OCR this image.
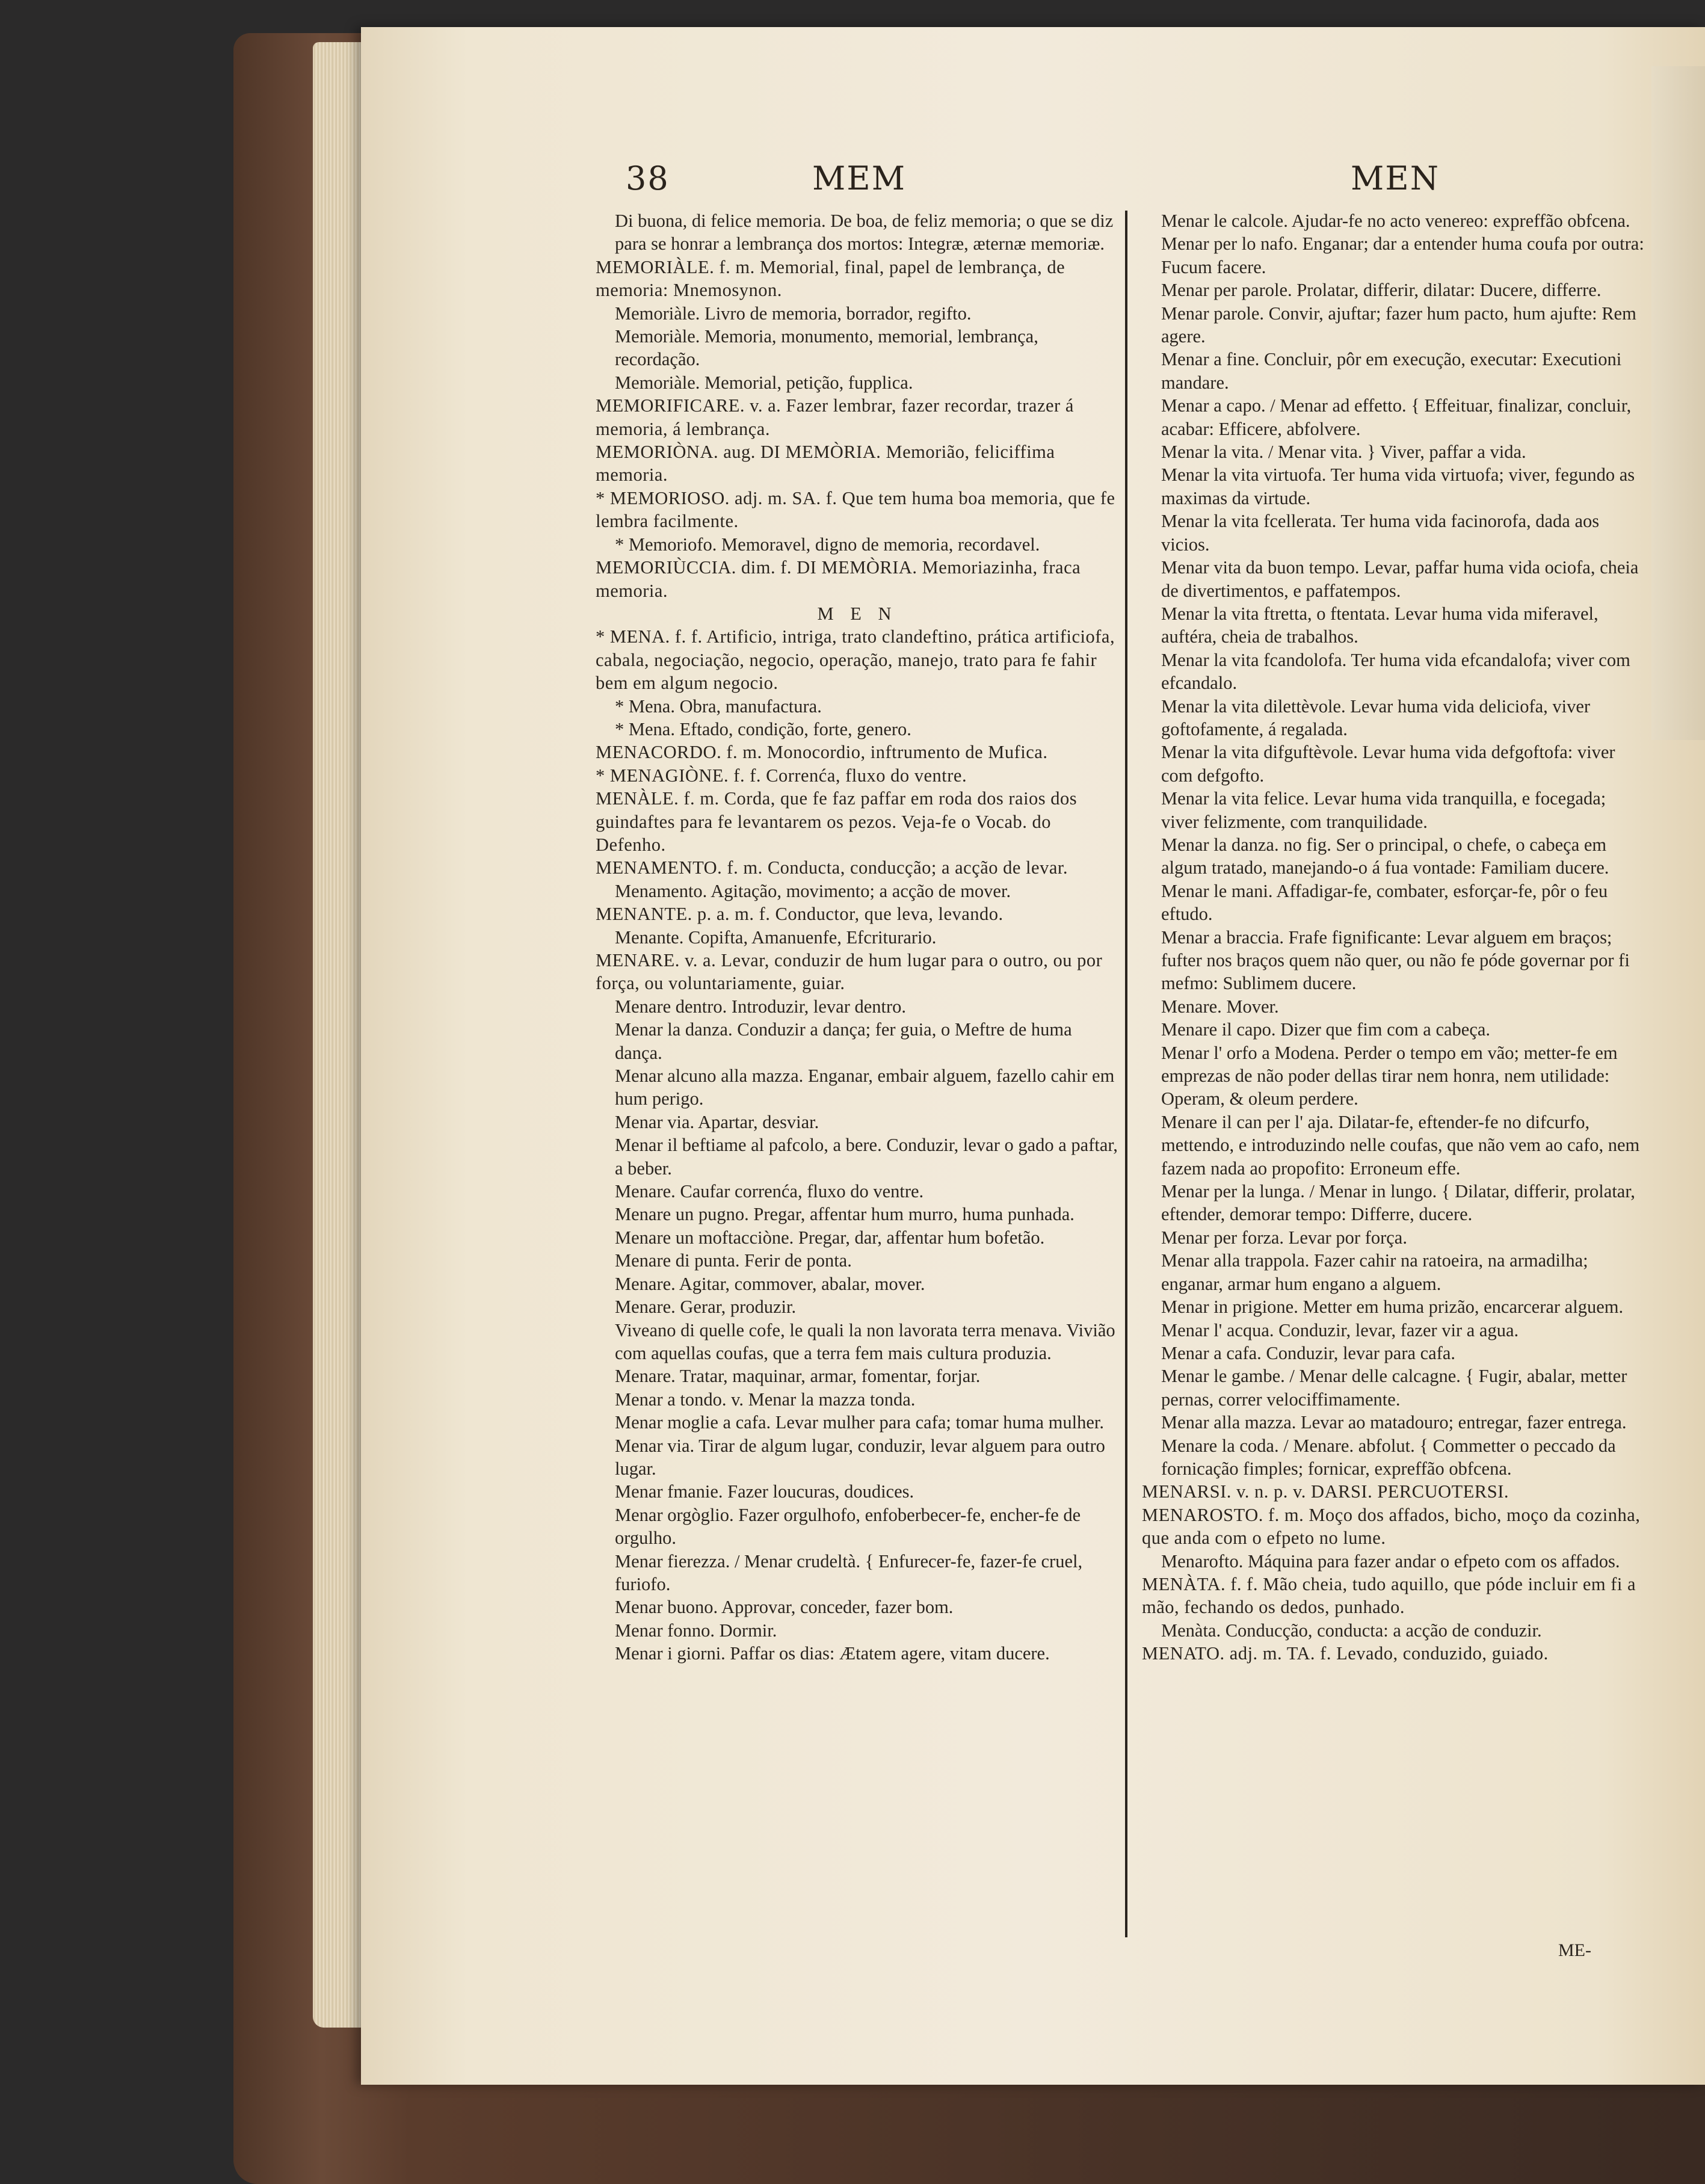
38	MEM	MEN

Di buona, di felice memoria. De boa, de feliz memoria; o que se diz para se honrar a lembrança dos mortos: Integræ, æternæ memoriæ.

MEMORIÀLE. f. m. Memorial, final, papel de lembrança, de memoria: Mnemosynon.

Memoriàle. Livro de memoria, borrador, regifto.

Memoriàle. Memoria, monumento, memorial, lembrança, recordação.

Memoriàle. Memorial, petição, fupplica.

MEMORIFICARE. v. a. Fazer lembrar, fazer recordar, trazer á memoria, á lembrança.

MEMORIÒNA. aug. DI MEMÒRIA. Memorião, feliciffima memoria.

* MEMORIOSO. adj. m. SA. f. Que tem huma boa memoria, que fe lembra facilmente.

* Memoriofo. Memoravel, digno de memoria, recordavel.

MEMORIÙCCIA. dim. f. DI MEMÒRIA. Memoriazinha, fraca memoria.

M E N

* MENA. f. f. Artificio, intriga, trato clandeftino, prática artificiofa, cabala, negociação, negocio, operação, manejo, trato para fe fahir bem em algum negocio.

* Mena. Obra, manufactura.

* Mena. Eftado, condição, forte, genero.

MENACORDO. f. m. Monocordio, inftrumento de Mufica.

* MENAGIÒNE. f. f. Correnća, fluxo do ventre.

MENÀLE. f. m. Corda, que fe faz paffar em roda dos raios dos guindaftes para fe levantarem os pezos. Veja-fe o Vocab. do Defenho.

MENAMENTO. f. m. Conducta, conducção; a acção de levar.

Menamento. Agitação, movimento; a acção de mover.

MENANTE. p. a. m. f. Conductor, que leva, levando.

Menante. Copifta, Amanuenfe, Efcriturario.

MENARE. v. a. Levar, conduzir de hum lugar para o outro, ou por força, ou voluntariamente, guiar.

Menare dentro. Introduzir, levar dentro.

Menar la danza. Conduzir a dança; fer guia, o Meftre de huma dança.

Menar alcuno alla mazza. Enganar, embair alguem, fazello cahir em hum perigo.

Menar via. Apartar, desviar.

Menar il beftiame al pafcolo, a bere. Conduzir, levar o gado a paftar, a beber.

Menare. Caufar correnća, fluxo do ventre.

Menare un pugno. Pregar, affentar hum murro, huma punhada.

Menare un moftacciòne. Pregar, dar, affentar hum bofetão.

Menare di punta. Ferir de ponta.

Menare. Agitar, commover, abalar, mover.

Menare. Gerar, produzir.

Viveano di quelle cofe, le quali la non lavorata terra menava. Vivião com aquellas coufas, que a terra fem mais cultura produzia.

Menare. Tratar, maquinar, armar, fomentar, forjar.

Menar a tondo. v. Menar la mazza tonda.

Menar moglie a cafa. Levar mulher para cafa; tomar huma mulher.

Menar via. Tirar de algum lugar, conduzir, levar alguem para outro lugar.

Menar fmanie. Fazer loucuras, doudices.

Menar orgòglio. Fazer orgulhofo, enfoberbecer-fe, encher-fe de orgulho.

Menar fierezza. / Menar crudeltà. { Enfurecer-fe, fazer-fe cruel, furiofo.

Menar buono. Approvar, conceder, fazer bom.

Menar fonno. Dormir.

Menar i giorni. Paffar os dias: Ætatem agere, vitam ducere.

Menar le calcole. Ajudar-fe no acto venereo: expreffão obfcena.

Menar per lo nafo. Enganar; dar a entender huma coufa por outra: Fucum facere.

Menar per parole. Prolatar, differir, dilatar: Ducere, differre.

Menar parole. Convir, ajuftar; fazer hum pacto, hum ajufte: Rem agere.

Menar a fine. Concluir, pôr em execução, executar: Executioni mandare.

Menar a capo. / Menar ad effetto. { Effeituar, finalizar, concluir, acabar: Efficere, abfolvere.

Menar la vita. / Menar vita. } Viver, paffar a vida.

Menar la vita virtuofa. Ter huma vida virtuofa; viver, fegundo as maximas da virtude.

Menar la vita fcellerata. Ter huma vida facinorofa, dada aos vicios.

Menar vita da buon tempo. Levar, paffar huma vida ociofa, cheia de divertimentos, e paffatempos.

Menar la vita ftretta, o ftentata. Levar huma vida miferavel, auftéra, cheia de trabalhos.

Menar la vita fcandolofa. Ter huma vida efcandalofa; viver com efcandalo.

Menar la vita dilettèvole. Levar huma vida deliciofa, viver goftofamente, á regalada.

Menar la vita difguftèvole. Levar huma vida defgoftofa: viver com defgofto.

Menar la vita felice. Levar huma vida tranquilla, e focegada; viver felizmente, com tranquilidade.

Menar la danza. no fig. Ser o principal, o chefe, o cabeça em algum tratado, manejando-o á fua vontade: Familiam ducere.

Menar le mani. Affadigar-fe, combater, esforçar-fe, pôr o feu eftudo.

Menar a braccia. Frafe fignificante: Levar alguem em braços; fufter nos braços quem não quer, ou não fe póde governar por fi mefmo: Sublimem ducere.

Menare. Mover.

Menare il capo. Dizer que fim com a cabeça.

Menar l' orfo a Modena. Perder o tempo em vão; metter-fe em emprezas de não poder dellas tirar nem honra, nem utilidade: Operam, & oleum perdere.

Menare il can per l' aja. Dilatar-fe, eftender-fe no difcurfo, mettendo, e introduzindo nelle coufas, que não vem ao cafo, nem fazem nada ao propofito: Erroneum effe.

Menar per la lunga. / Menar in lungo. { Dilatar, differir, prolatar, eftender, demorar tempo: Differre, ducere.

Menar per forza. Levar por força.

Menar alla trappola. Fazer cahir na ratoeira, na armadilha; enganar, armar hum engano a alguem.

Menar in prigione. Metter em huma prizão, encarcerar alguem.

Menar l' acqua. Conduzir, levar, fazer vir a agua.

Menar a cafa. Conduzir, levar para cafa.

Menar le gambe. / Menar delle calcagne. { Fugir, abalar, metter pernas, correr velociffimamente.

Menar alla mazza. Levar ao matadouro; entregar, fazer entrega.

Menare la coda. / Menare. abfolut. { Commetter o peccado da fornicação fimples; fornicar, expreffão obfcena.

MENARSI. v. n. p. v. DARSI. PERCUOTERSI.

MENAROSTO. f. m. Moço dos affados, bicho, moço da cozinha, que anda com o efpeto no lume.

Menarofto. Máquina para fazer andar o efpeto com os affados.

MENÀTA. f. f. Mão cheia, tudo aquillo, que póde incluir em fi a mão, fechando os dedos, punhado.

Menàta. Conducção, conducta: a acção de conduzir.

MENATO. adj. m. TA. f. Levado, conduzido, guiado.

ME-
